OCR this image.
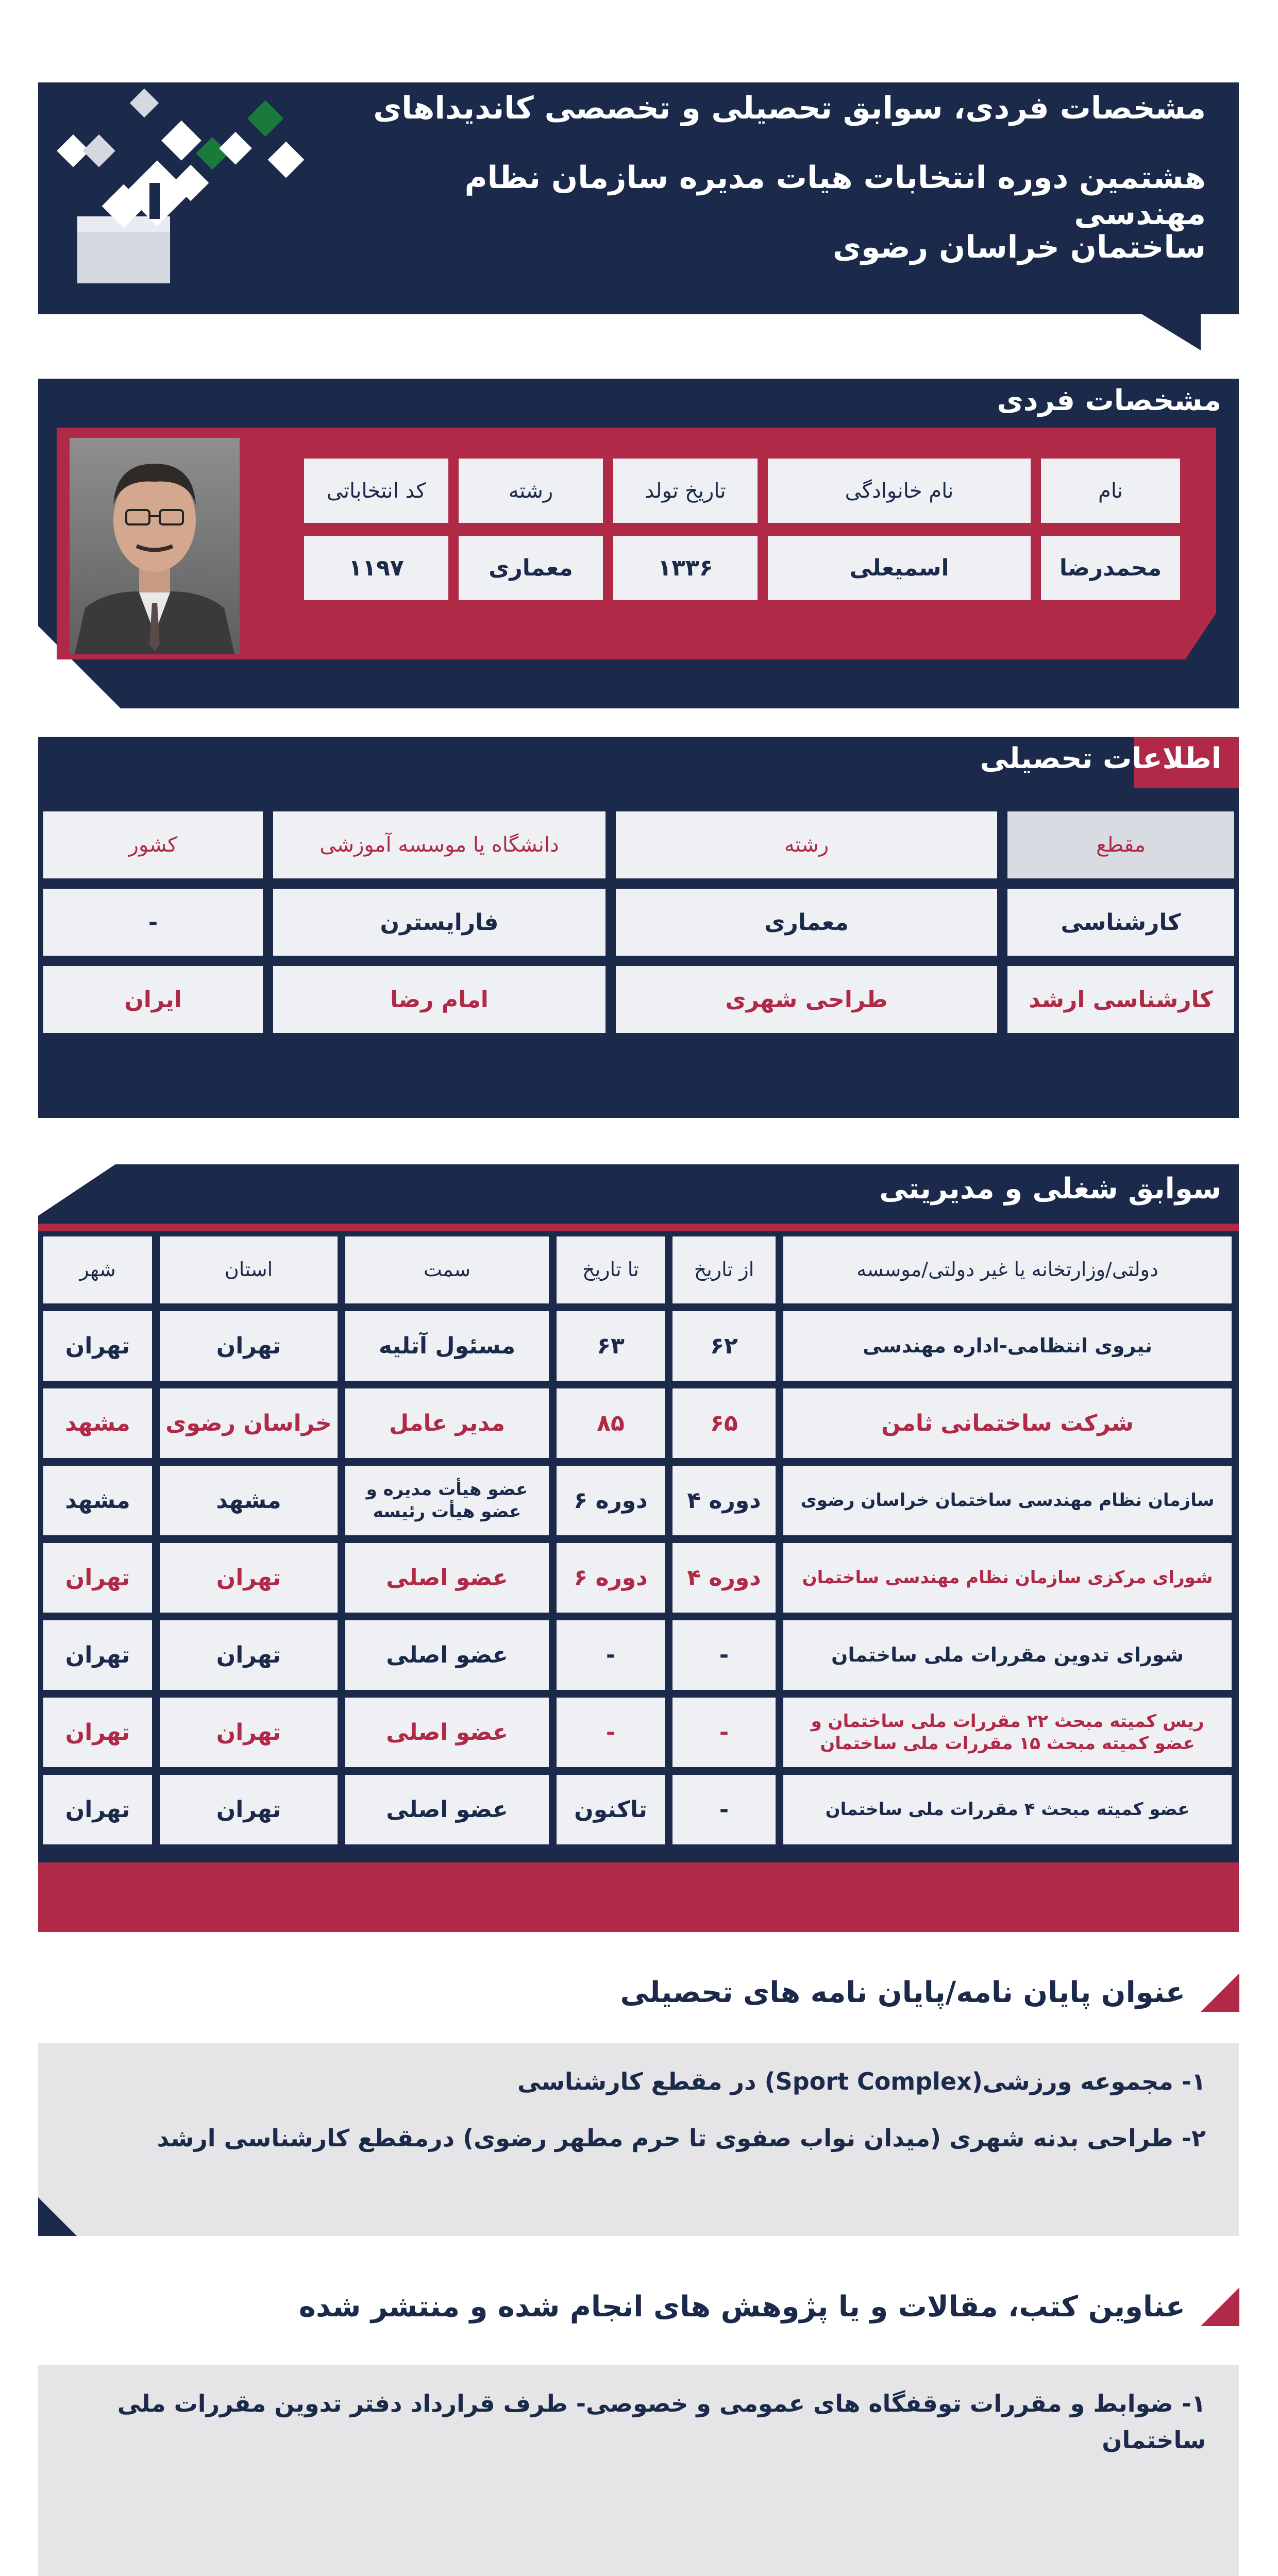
مشخصات فردی، سوابق تحصیلی و تخصصی کاندیداهای
هشتمین دوره انتخابات هیات مدیره سازمان نظام مهندسی
ساختمان خراسان رضوی
مشخصات فردی
نام
نام خانوادگی
تاریخ تولد
رشته
کد انتخاباتی
محمدرضا
اسمیعلی
۱۳۳۶
معماری
۱۱۹۷
اطلاعات تحصیلی
مقطع
رشته
دانشگاه یا موسسه آموزشی
کشور
کارشناسی
معماری
فارایسترن
-
کارشناسی ارشد
طراحی شهری
امام رضا
ایران
سوابق شغلی و مدیریتی
دولتی/وزارتخانه یا غیر دولتی/موسسه
از تاریخ
تا تاریخ
سمت
استان
شهر
نیروی انتظامی-اداره مهندسی
۶۲
۶۳
مسئول آتلیه
تهران
تهران
شرکت ساختمانی ثامن
۶۵
۸۵
مدیر عامل
خراسان رضوی
مشهد
سازمان نظام مهندسی ساختمان خراسان رضوی
دوره ۴
دوره ۶
عضو هیأت مدیره و عضو هیأت رئیسه
مشهد
مشهد
شورای مرکزی سازمان نظام مهندسی ساختمان
دوره ۴
دوره ۶
عضو اصلی
تهران
تهران
شورای تدوین مقررات ملی ساختمان
-
-
عضو اصلی
تهران
تهران
ریس کمیته مبحث ۲۲ مقررات ملی ساختمان و عضو کمیته مبحث ۱۵ مقررات ملی ساختمان
-
-
عضو اصلی
تهران
تهران
عضو کمیته مبحث ۴ مقررات ملی ساختمان
-
تاکنون
عضو اصلی
تهران
تهران
عنوان پایان نامه/پایان نامه های تحصیلی
۱- مجموعه ورزشی(Sport Complex) در مقطع کارشناسی
۲- طراحی بدنه شهری (میدان نواب صفوی تا حرم مطهر رضوی) درمقطع کارشناسی ارشد
عناوین کتب، مقالات و یا پژوهش های انجام شده و منتشر شده
۱- ضوابط و مقررات توقفگاه های عمومی و خصوصی- طرف قرارداد دفتر تدوین مقررات ملی ساختمان
